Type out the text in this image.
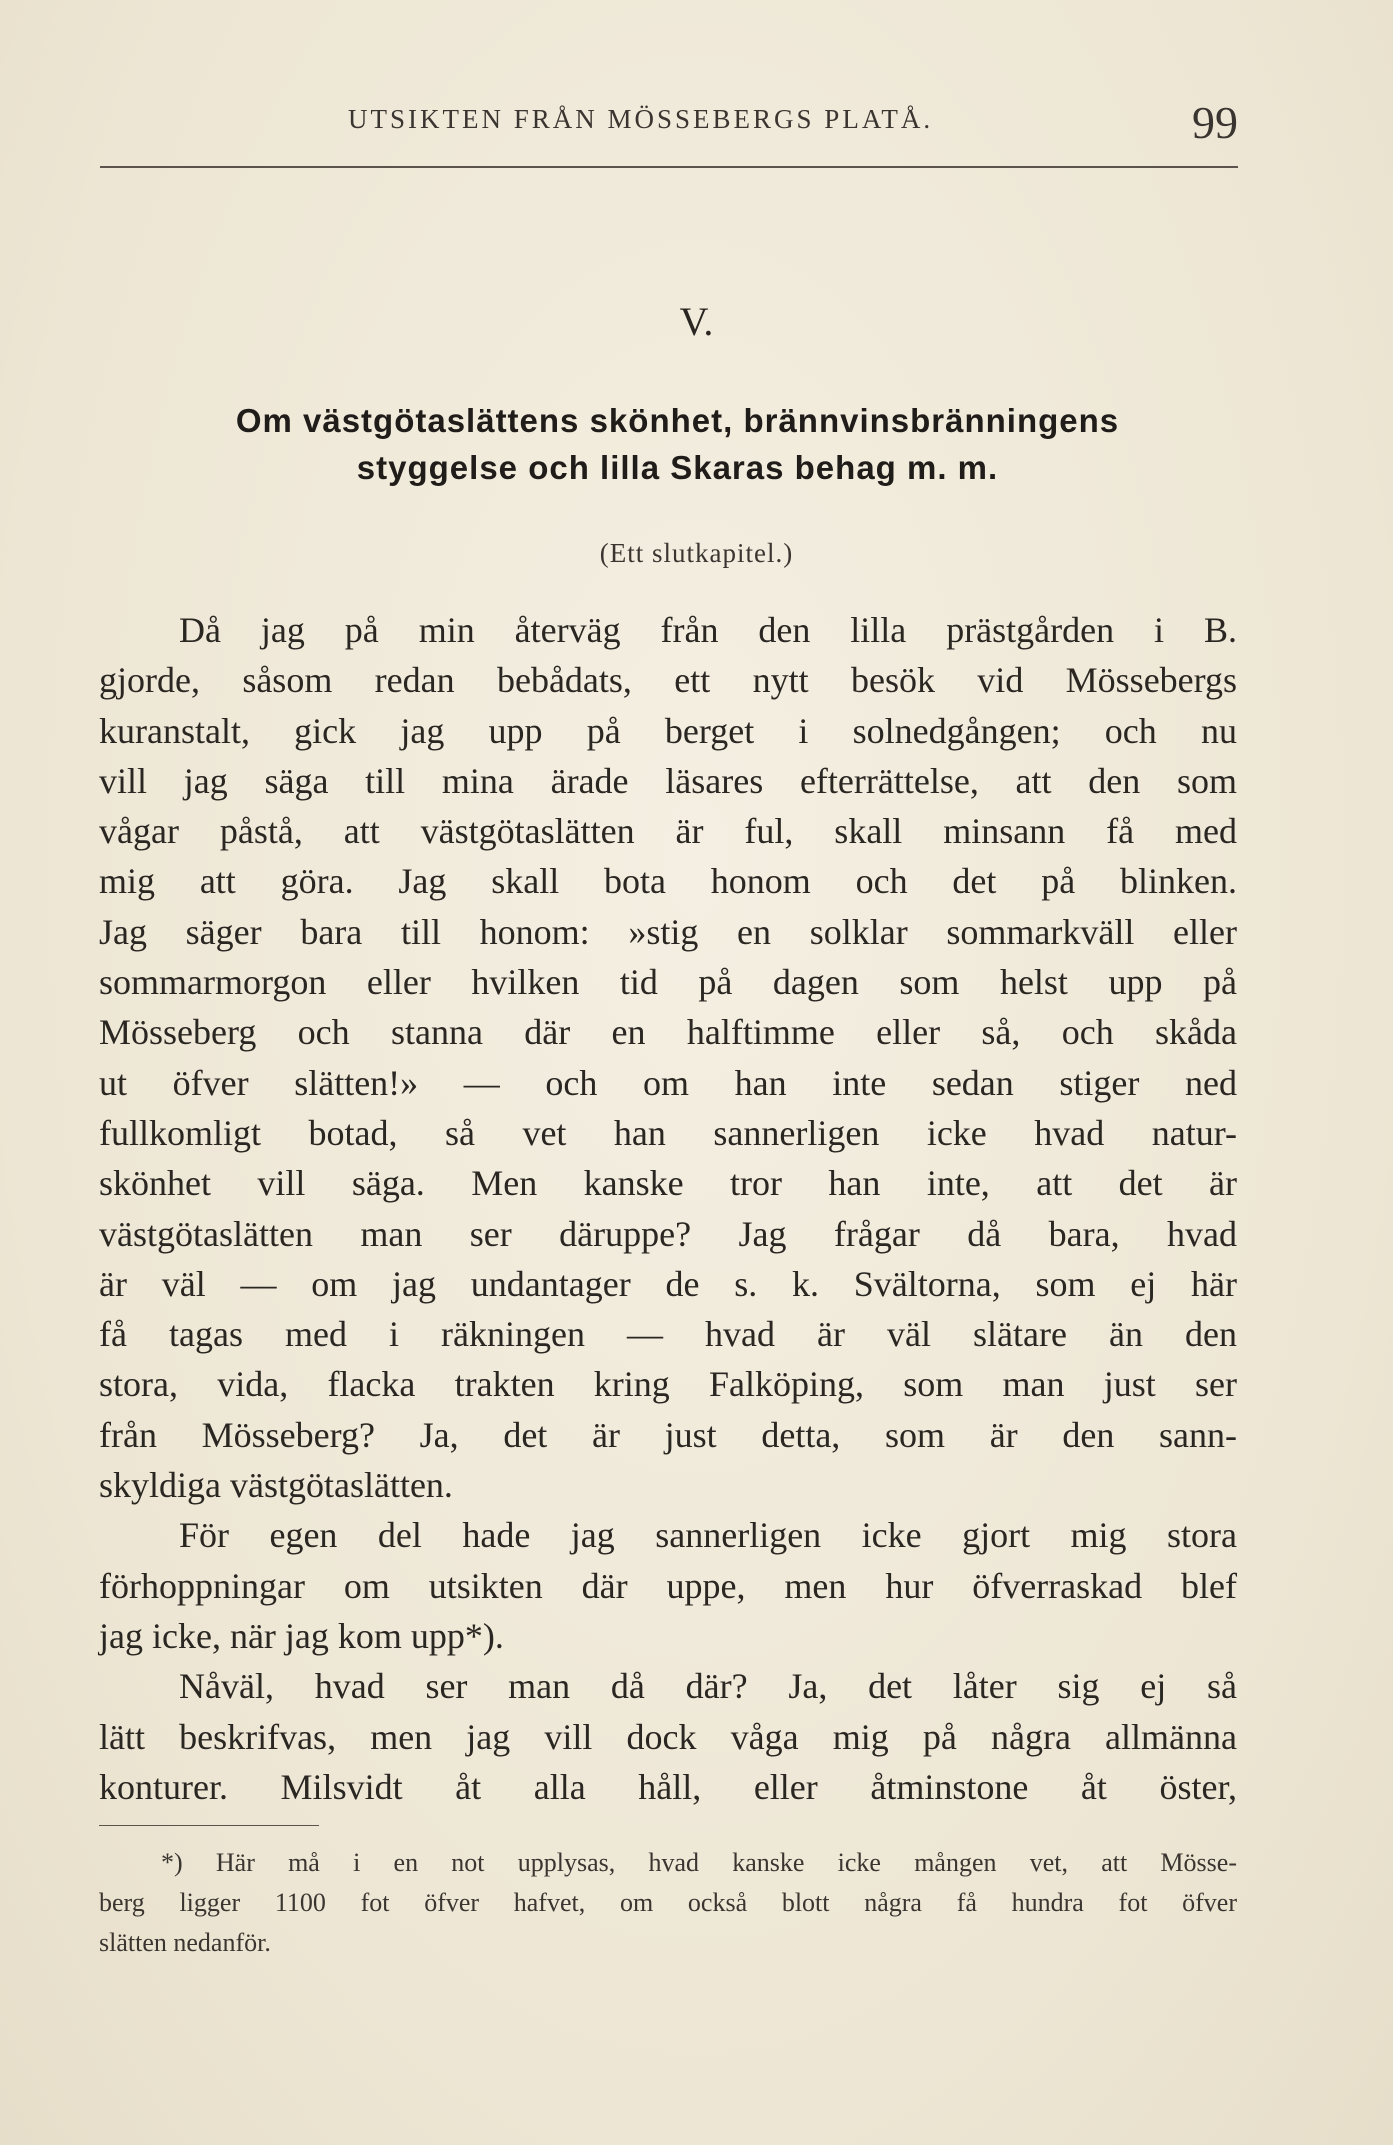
UTSIKTEN FRÅN MÖSSEBERGS PLATÅ.	99
V.
Om västgötaslättens skönhet, brännvinsbränningens
styggelse och lilla Skaras behag m. m.
(Ett slutkapitel.)
Då jag på min återväg från den lilla prästgården i B.
gjorde, såsom redan bebådats, ett nytt besök vid Mössebergs
kuranstalt, gick jag upp på berget i solnedgången; och nu
vill jag säga till mina ärade läsares efterrättelse, att den som
vågar påstå, att västgötaslätten är ful, skall minsann få med
mig att göra. Jag skall bota honom och det på blinken.
Jag säger bara till honom: »stig en solklar sommarkväll eller
sommarmorgon eller hvilken tid på dagen som helst upp på
Mösseberg och stanna där en halftimme eller så, och skåda
ut öfver slätten!» — och om han inte sedan stiger ned
fullkomligt botad, så vet han sannerligen icke hvad natur-
skönhet vill säga. Men kanske tror han inte, att det är
västgötaslätten man ser däruppe? Jag frågar då bara, hvad
är väl — om jag undantager de s. k. Svältorna, som ej här
få tagas med i räkningen — hvad är väl slätare än den
stora, vida, flacka trakten kring Falköping, som man just ser
från Mösseberg? Ja, det är just detta, som är den sann-
skyldiga västgötaslätten.
För egen del hade jag sannerligen icke gjort mig stora
förhoppningar om utsikten där uppe, men hur öfverraskad blef
jag icke, när jag kom upp*).
Nåväl, hvad ser man då där? Ja, det låter sig ej så
lätt beskrifvas, men jag vill dock våga mig på några allmänna
konturer. Milsvidt åt alla håll, eller åtminstone åt öster,
*) Här må i en not upplysas, hvad kanske icke mången vet, att Mösse-
berg ligger 1100 fot öfver hafvet, om också blott några få hundra fot öfver
slätten nedanför.
